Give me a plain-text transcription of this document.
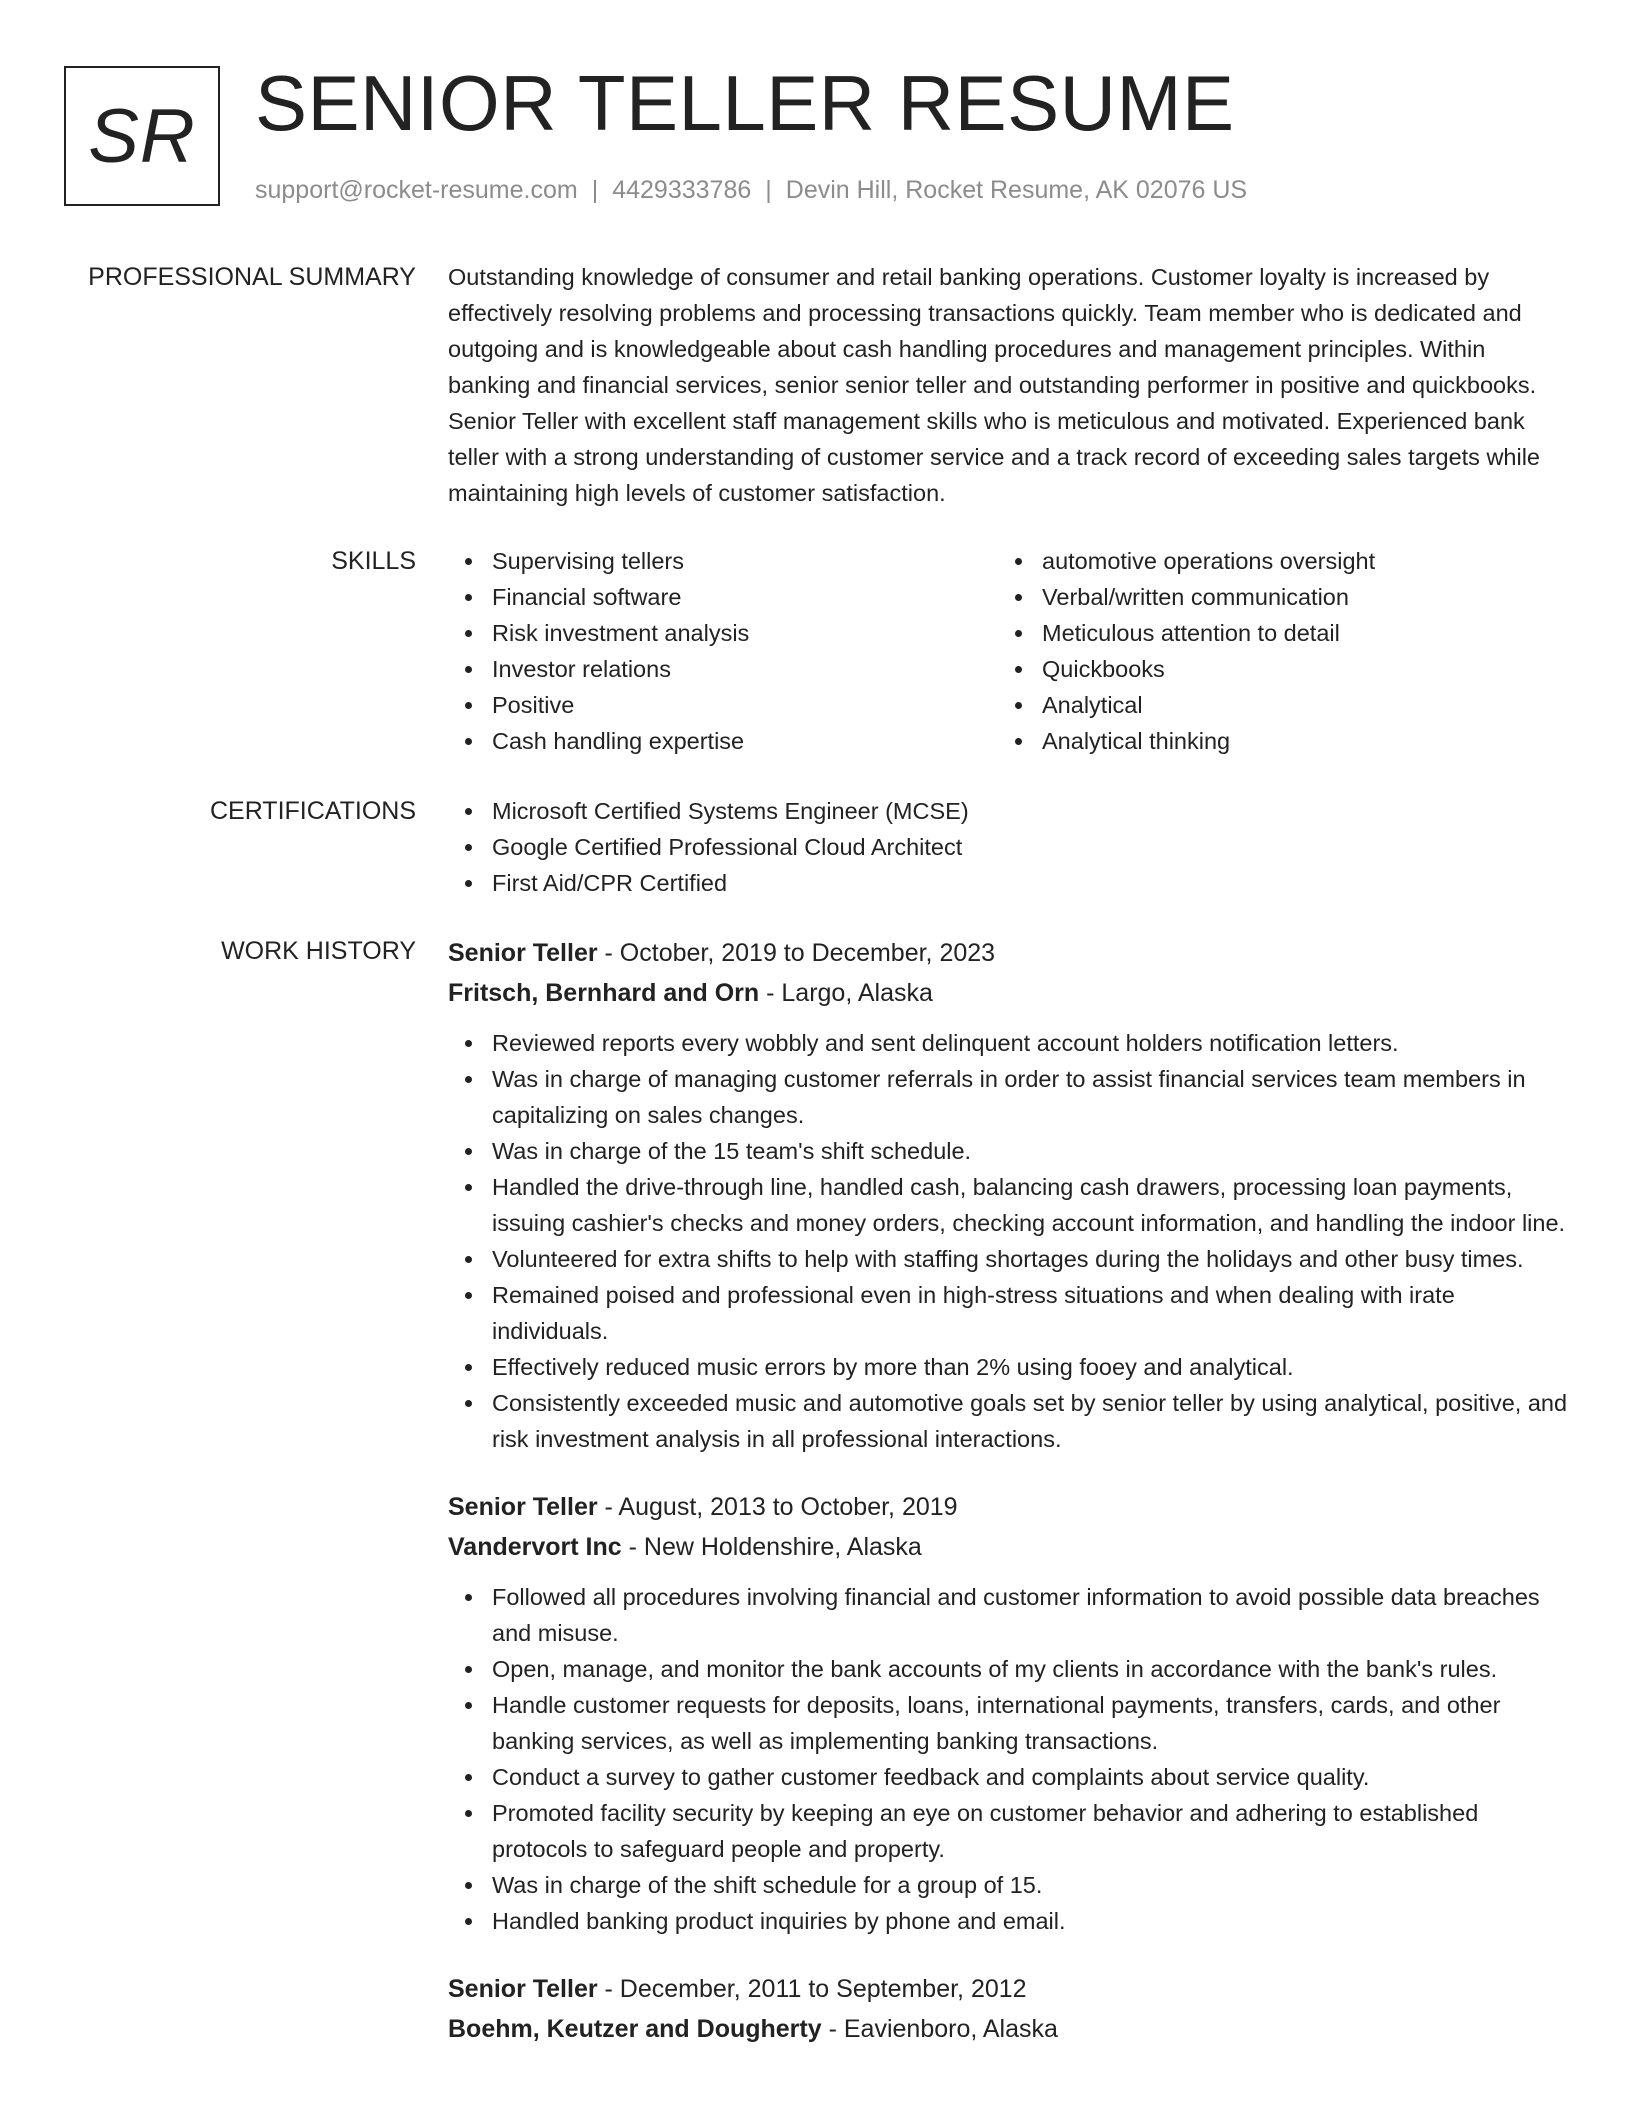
SR SENIOR TELLER RESUME
support@rocket-resume.com | 4429333786 | Devin Hill, Rocket Resume, AK 02076 US
PROFESSIONAL SUMMARY Outstanding knowledge of consumer and retail banking operations. Customer loyalty is increased by effectively resolving problems and processing transactions quickly. Team member who is dedicated and outgoing and is knowledgeable about cash handling procedures and management principles. Within banking and financial services, senior senior teller and outstanding performer in positive and quickbooks. Senior Teller with excellent staff management skills who is meticulous and motivated. Experienced bank teller with a strong understanding of customer service and a track record of exceeding sales targets while maintaining high levels of customer satisfaction.

SKILLS	Supervising tellers
Financial software
Risk investment analysis
Investor relations
Positive
Cash handling expertise
automotive operations oversight
Verbal/written communication
Meticulous attention to detail
Quickbooks
Analytical
Analytical thinking
CERTIFICATIONS	Microsoft Certified Systems Engineer (MCSE)
Google Certified Professional Cloud Architect
First Aid/CPR Certified
WORK HISTORY Senior Teller - October, 2019 to December, 2023
Fritsch, Bernhard and Orn - Largo, Alaska
Reviewed reports every wobbly and sent delinquent account holders notification letters.
Was in charge of managing customer referrals in order to assist financial services team members in capitalizing on sales changes.
Was in charge of the 15 team's shift schedule.
Handled the drive-through line, handled cash, balancing cash drawers, processing loan payments, issuing cashier's checks and money orders, checking account information, and handling the indoor line.
Volunteered for extra shifts to help with staffing shortages during the holidays and other busy times.
Remained poised and professional even in high-stress situations and when dealing with irate individuals.
Effectively reduced music errors by more than 2% using fooey and analytical.
Consistently exceeded music and automotive goals set by senior teller by using analytical, positive, and risk investment analysis in all professional interactions.
Senior Teller - August, 2013 to October, 2019
Vandervort Inc - New Holdenshire, Alaska
Followed all procedures involving financial and customer information to avoid possible data breaches and misuse.
Open, manage, and monitor the bank accounts of my clients in accordance with the bank's rules.
Handle customer requests for deposits, loans, international payments, transfers, cards, and other banking services, as well as implementing banking transactions.
Conduct a survey to gather customer feedback and complaints about service quality.
Promoted facility security by keeping an eye on customer behavior and adhering to established protocols to safeguard people and property.
Was in charge of the shift schedule for a group of 15.
Handled banking product inquiries by phone and email.
Senior Teller - December, 2011 to September, 2012
Boehm, Keutzer and Dougherty - Eavienboro, Alaska
